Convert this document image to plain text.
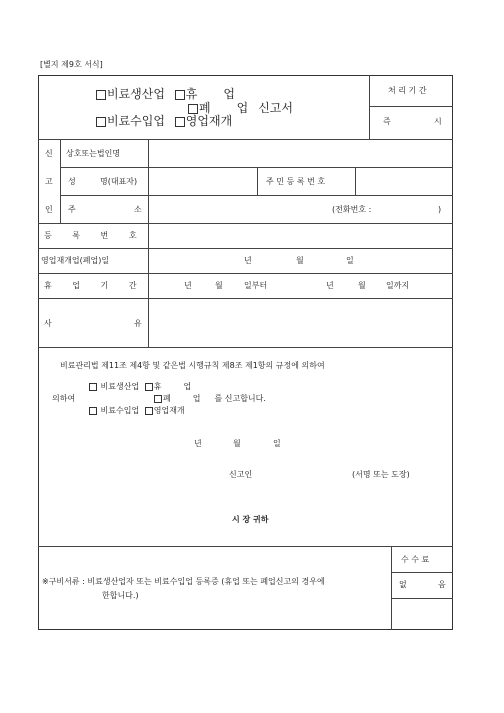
[별지 제9호 서식]
비료생산업 휴 업
폐 업 신고서
비료수입업 영업재개
처 리 기 간
즉	시
신
고
인
상호또는법인명
성	명(대표자)	주 민 등 록 번 호
주	소	(전화번호 :	)
등 록 번 호
영업재개업(폐업)일	년	월	일
휴 업 기 간	년	월	일부터	년	월	일까지
사	유
비료관리법 제11조 제4항 및 같은법 시행규칙 제8조 제1항의 규정에 의하여
비료생산업 휴	업
의하여	폐	업 를 신고합니다.
비료수입업 영업재개
년	월	일
신고인	(서명 또는 도장)
시 장 귀하
수 수 료
없	음
※구비서류 : 비료생산업자 또는 비료수입업 등록증 (휴업 또는 폐업신고의 경우에
한합니다.)
